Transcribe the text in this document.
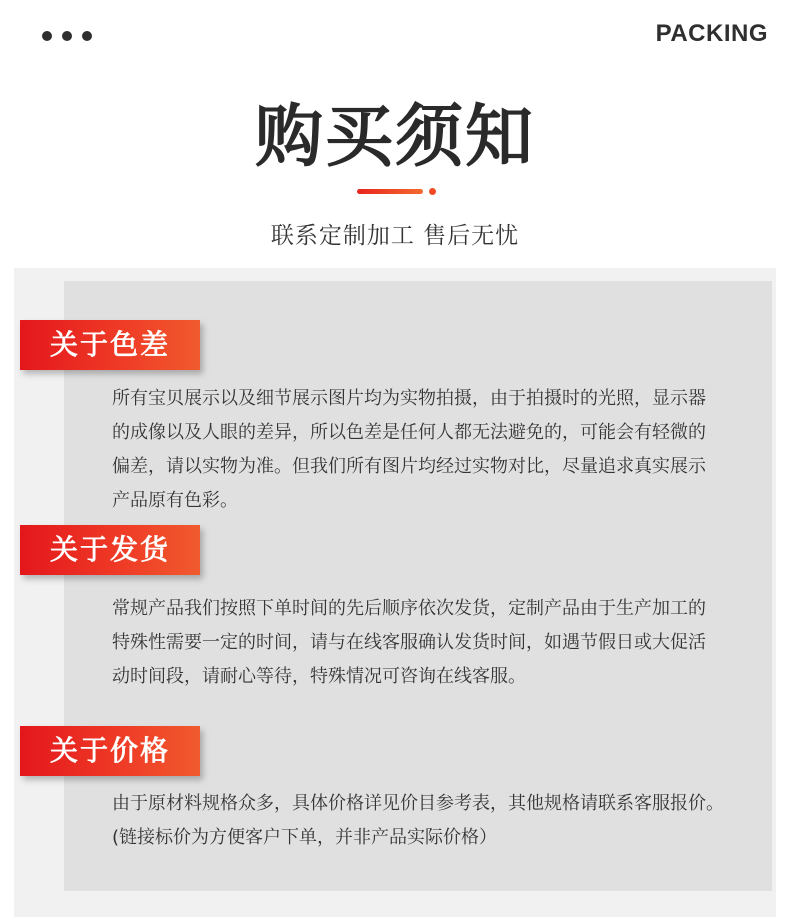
PACKING
购买须知
联系定制加工 售后无忧
关于色差
所有宝贝展示以及细节展示图片均为实物拍摄，由于拍摄时的光照，显示器
的成像以及人眼的差异，所以色差是任何人都无法避免的，可能会有轻微的
偏差，请以实物为准。但我们所有图片均经过实物对比，尽量追求真实展示
产品原有色彩。
关于发货
常规产品我们按照下单时间的先后顺序依次发货，定制产品由于生产加工的
特殊性需要一定的时间，请与在线客服确认发货时间，如遇节假日或大促活
动时间段，请耐心等待，特殊情况可咨询在线客服。
关于价格
由于原材料规格众多，具体价格详见价目参考表，其他规格请联系客服报价。
(链接标价为方便客户下单，并非产品实际价格）
